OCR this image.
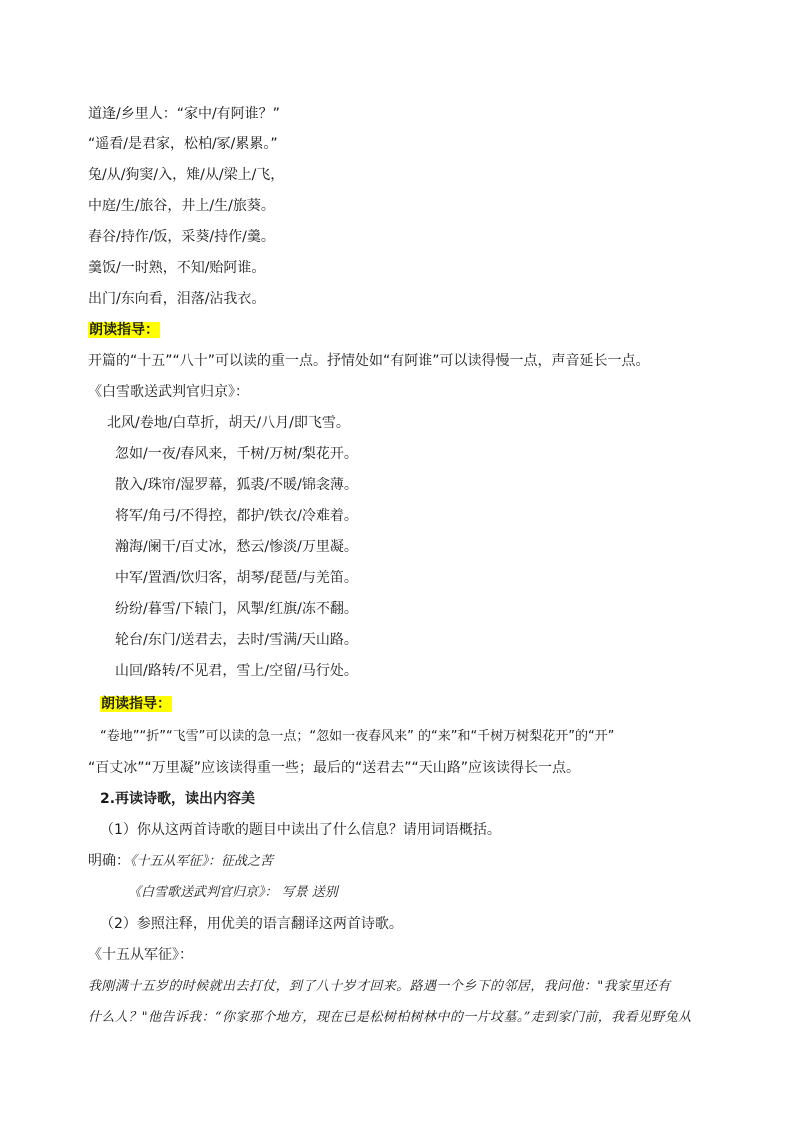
道逢/乡里人：“家中/有阿谁？”
“遥看/是君家，松柏/冢/累累。”
兔/从/狗窦/入，雉/从/梁上/飞，
中庭/生/旅谷，井上/生/旅葵。
舂谷/持作/饭，采葵/持作/羹。
羹饭/一时熟，不知/贻阿谁。
出门/东向看，泪落/沾我衣。
朗读指导：
开篇的“十五”“八十”可以读的重一点。抒情处如“有阿谁”可以读得慢一点，声音延长一点。
《白雪歌送武判官归京》：
北风/卷地/白草折，胡天/八月/即飞雪。
忽如/一夜/春风来，千树/万树/梨花开。
散入/珠帘/湿罗幕，狐裘/不暖/锦衾薄。
将军/角弓/不得控，都护/铁衣/冷难着。
瀚海/阑干/百丈冰，愁云/惨淡/万里凝。
中军/置酒/饮归客，胡琴/琵琶/与羌笛。
纷纷/暮雪/下辕门，风掣/红旗/冻不翻。
轮台/东门/送君去，去时/雪满/天山路。
山回/路转/不见君，雪上/空留/马行处。
朗读指导：
“卷地”“折”“飞雪”可以读的急一点；“忽如一夜春风来” 的“来”和“千树万树梨花开”的“开”
“百丈冰”“万里凝”应该读得重一些；最后的“送君去”“天山路”应该读得长一点。
2.再读诗歌，读出内容美
（1）你从这两首诗歌的题目中读出了什么信息？请用词语概括。
明确：《十五从军征》：征战之苦
《白雪歌送武判官归京》： 写景 送别
（2）参照注释，用优美的语言翻译这两首诗歌。
《十五从军征》：
我刚满十五岁的时候就出去打仗，到了八十岁才回来。路遇一个乡下的邻居，我问他："我家里还有
什么人？"他告诉我：“你家那个地方，现在已是松树柏树林中的一片坟墓。”走到家门前，我看见野兔从
